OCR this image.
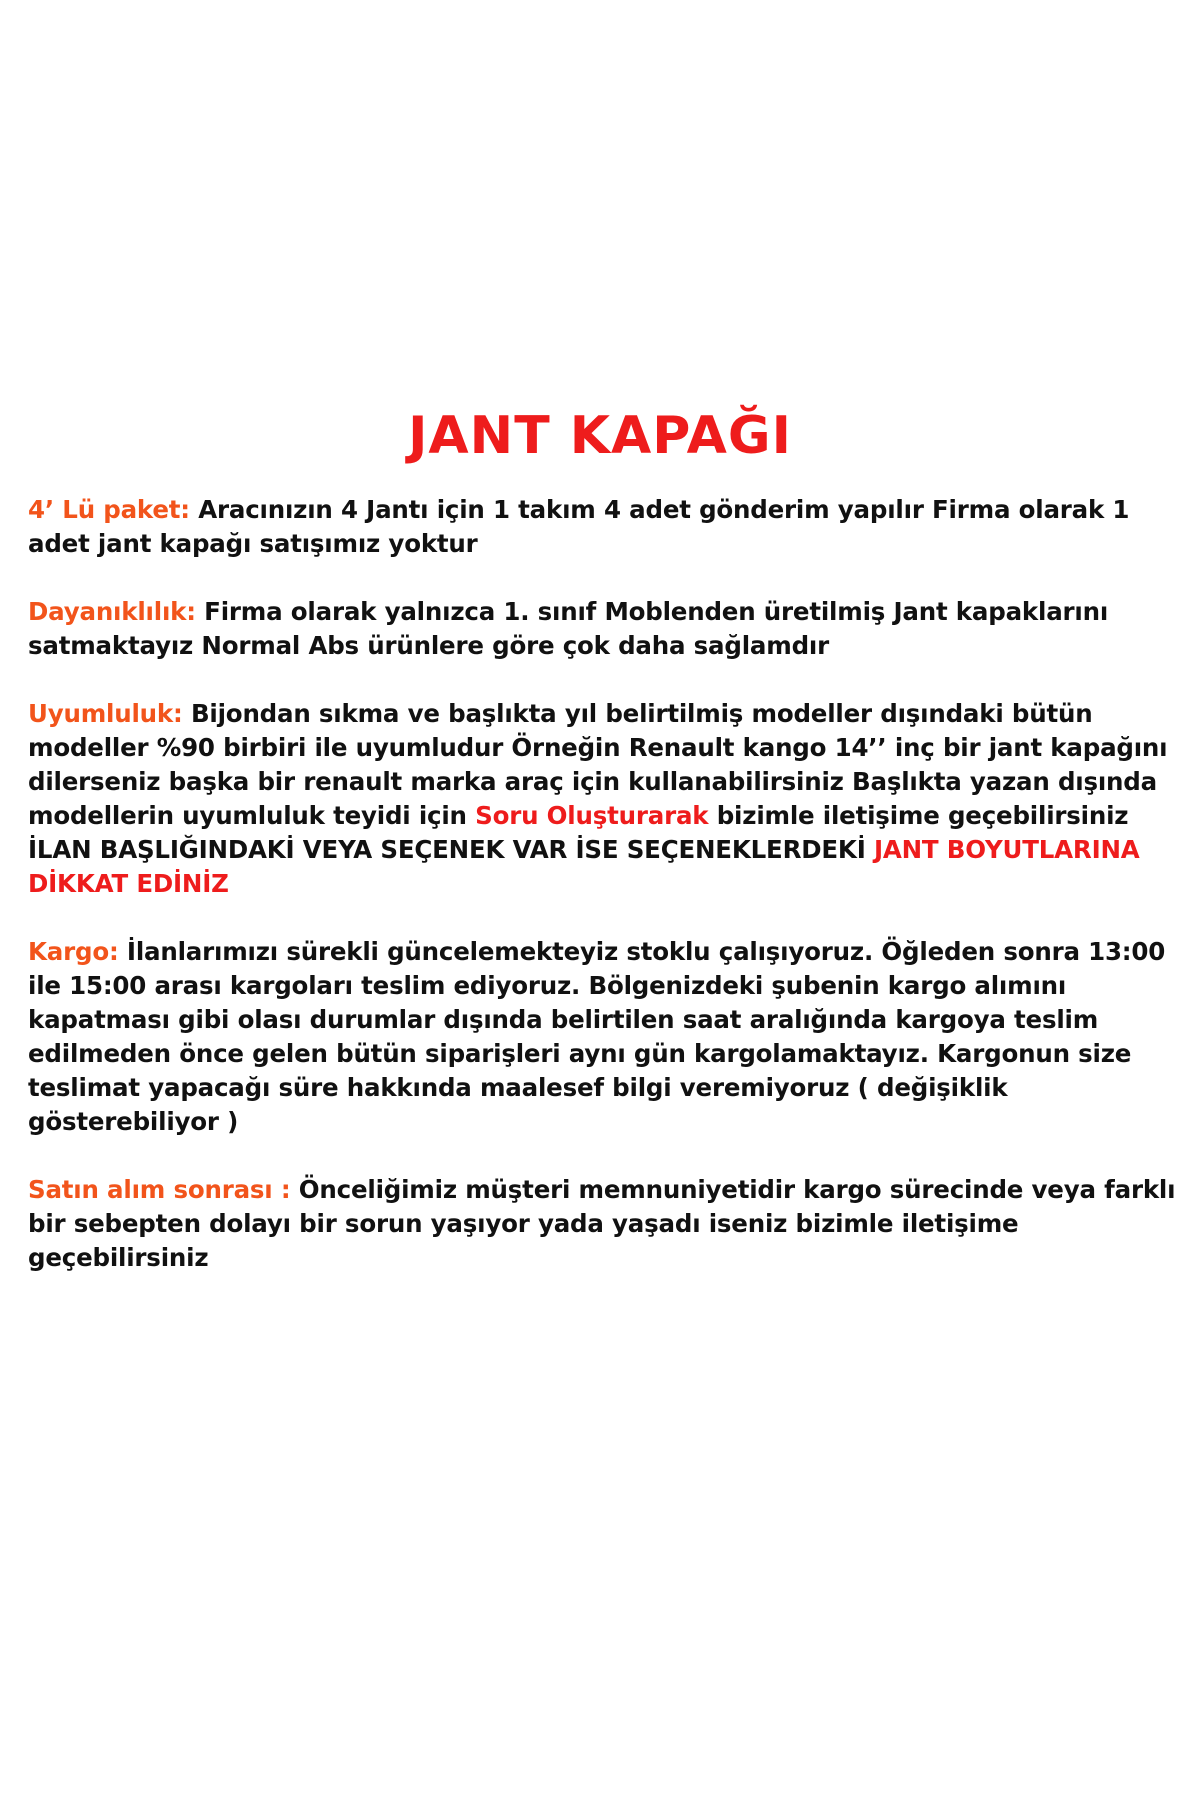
JANT KAPAĞI

4’ Lü paket: Aracınızın 4 Jantı için 1 takım 4 adet gönderim yapılır Firma olarak 1 adet jant kapağı satışımız yoktur

Dayanıklılık: Firma olarak yalnızca 1. sınıf Moblenden üretilmiş Jant kapaklarını satmaktayız Normal Abs ürünlere göre çok daha sağlamdır

Uyumluluk: Bijondan sıkma ve başlıkta yıl belirtilmiş modeller dışındaki bütün modeller %90 birbiri ile uyumludur Örneğin Renault kango 14’’ inç bir jant kapağını dilerseniz başka bir renault marka araç için kullanabilirsiniz Başlıkta yazan dışında modellerin uyumluluk teyidi için Soru Oluşturarak bizimle iletişime geçebilirsiniz İLAN BAŞLIĞINDAKİ VEYA SEÇENEK VAR İSE SEÇENEKLERDEKİ JANT BOYUTLARINA DİKKAT EDİNİZ

Kargo: İlanlarımızı sürekli güncelemekteyiz stoklu çalışıyoruz. Öğleden sonra 13:00 ile 15:00 arası kargoları teslim ediyoruz. Bölgenizdeki şubenin kargo alımını kapatması gibi olası durumlar dışında belirtilen saat aralığında kargoya teslim edilmeden önce gelen bütün siparişleri aynı gün kargolamaktayız. Kargonun size teslimat yapacağı süre hakkında maalesef bilgi veremiyoruz ( değişiklik gösterebiliyor )

Satın alım sonrası : Önceliğimiz müşteri memnuniyetidir kargo sürecinde veya farklı bir sebepten dolayı bir sorun yaşıyor yada yaşadı iseniz bizimle iletişime geçebilirsiniz
